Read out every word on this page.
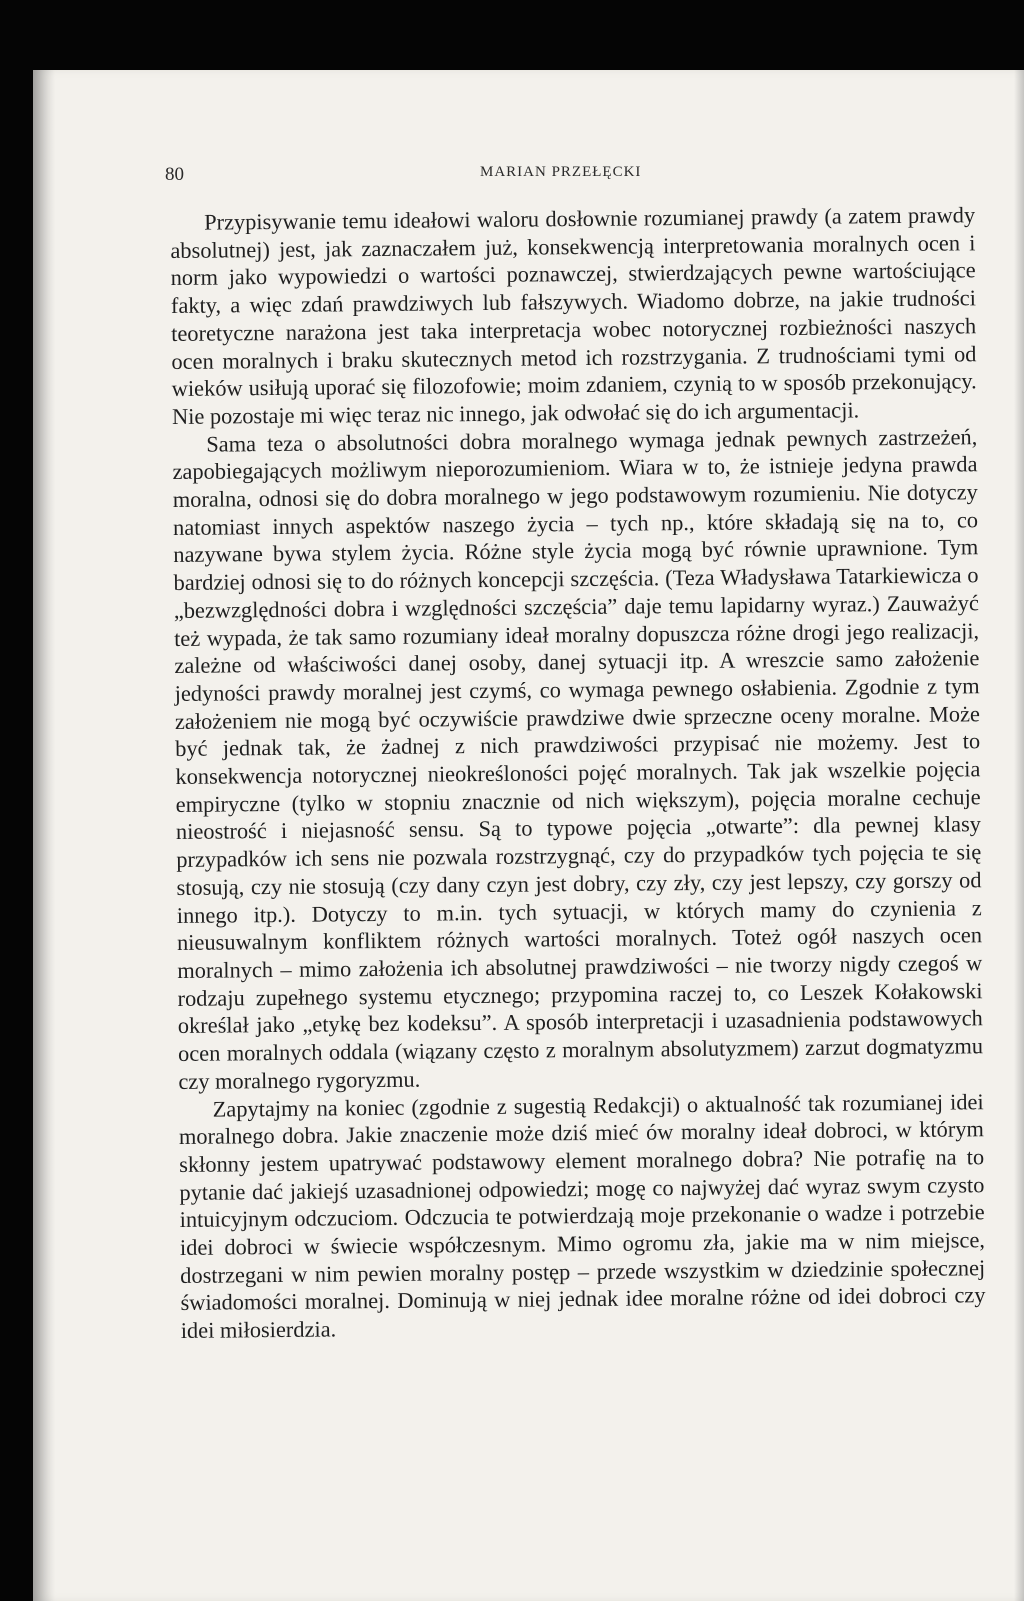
80	MARIAN PRZEŁĘCKI

Przypisywanie temu ideałowi waloru dosłownie rozumianej prawdy (a zatem prawdy absolutnej) jest, jak zaznaczałem już, konsekwencją interpretowania moralnych ocen i norm jako wypowiedzi o wartości poznawczej, stwierdzających pewne wartościujące fakty, a więc zdań prawdziwych lub fałszywych. Wiadomo dobrze, na jakie trudności teoretyczne narażona jest taka interpretacja wobec notorycznej rozbieżności naszych ocen moralnych i braku skutecznych metod ich rozstrzygania. Z trudnościami tymi od wieków usiłują uporać się filozofowie; moim zdaniem, czynią to w sposób przekonujący. Nie pozostaje mi więc teraz nic innego, jak odwołać się do ich argumentacji.

Sama teza o absolutności dobra moralnego wymaga jednak pewnych zastrzeżeń, zapobiegających możliwym nieporozumieniom. Wiara w to, że istnieje jedyna prawda moralna, odnosi się do dobra moralnego w jego podstawowym rozumieniu. Nie dotyczy natomiast innych aspektów naszego życia – tych np., które składają się na to, co nazywane bywa stylem życia. Różne style życia mogą być równie uprawnione. Tym bardziej odnosi się to do różnych koncepcji szczęścia. (Teza Władysława Tatarkiewicza o „bezwzględności dobra i względności szczęścia” daje temu lapidarny wyraz.) Zauważyć też wypada, że tak samo rozumiany ideał moralny dopuszcza różne drogi jego realizacji, zależne od właściwości danej osoby, danej sytuacji itp. A wreszcie samo założenie jedyności prawdy moralnej jest czymś, co wymaga pewnego osłabienia. Zgodnie z tym założeniem nie mogą być oczywiście prawdziwe dwie sprzeczne oceny moralne. Może być jednak tak, że żadnej z nich prawdziwości przypisać nie możemy. Jest to konsekwencja notorycznej nieokreśloności pojęć moralnych. Tak jak wszelkie pojęcia empiryczne (tylko w stopniu znacznie od nich większym), pojęcia moralne cechuje nieostrość i niejasność sensu. Są to typowe pojęcia „otwarte”: dla pewnej klasy przypadków ich sens nie pozwala rozstrzygnąć, czy do przypadków tych pojęcia te się stosują, czy nie stosują (czy dany czyn jest dobry, czy zły, czy jest lepszy, czy gorszy od innego itp.). Dotyczy to m.in. tych sytuacji, w których mamy do czynienia z nieusuwalnym konfliktem różnych wartości moralnych. Toteż ogół naszych ocen moralnych – mimo założenia ich absolutnej prawdziwości – nie tworzy nigdy czegoś w rodzaju zupełnego systemu etycznego; przypomina raczej to, co Leszek Kołakowski określał jako „etykę bez kodeksu”. A sposób interpretacji i uzasadnienia podstawowych ocen moralnych oddala (wiązany często z moralnym absolutyzmem) zarzut dogmatyzmu czy moralnego rygoryzmu.

Zapytajmy na koniec (zgodnie z sugestią Redakcji) o aktualność tak rozumianej idei moralnego dobra. Jakie znaczenie może dziś mieć ów moralny ideał dobroci, w którym skłonny jestem upatrywać podstawowy element moralnego dobra? Nie potrafię na to pytanie dać jakiejś uzasadnionej odpowiedzi; mogę co najwyżej dać wyraz swym czysto intuicyjnym odczuciom. Odczucia te potwierdzają moje przekonanie o wadze i potrzebie idei dobroci w świecie współczesnym. Mimo ogromu zła, jakie ma w nim miejsce, dostrzegani w nim pewien moralny postęp – przede wszystkim w dziedzinie społecznej świadomości moralnej. Dominują w niej jednak idee moralne różne od idei dobroci czy idei miłosierdzia.
